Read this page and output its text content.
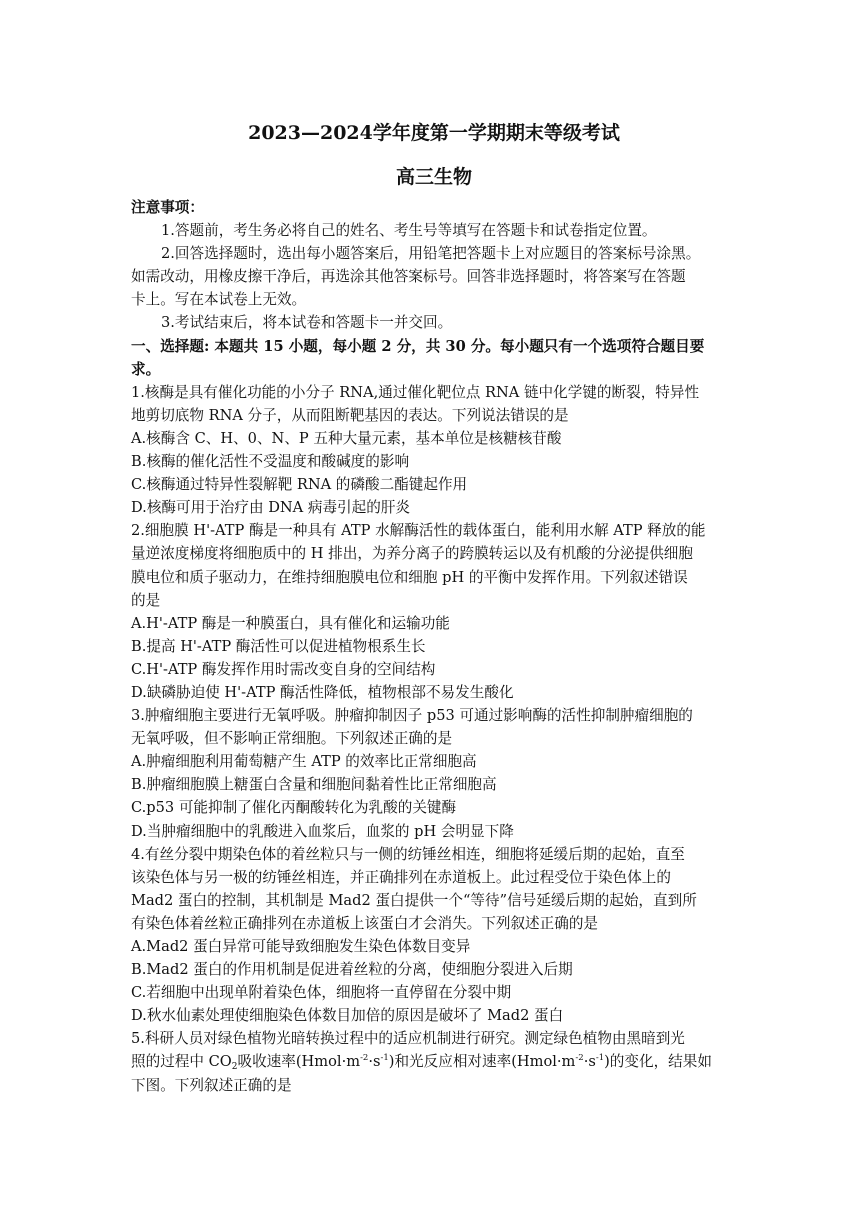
2023—2024学年度第一学期期末等级考试
高三生物
注意事项：
1.答题前，考生务必将自己的姓名、考生号等填写在答题卡和试卷指定位置。
2.回答选择题时，选出每小题答案后，用铅笔把答题卡上对应题目的答案标号涂黑。
如需改动，用橡皮擦干净后，再选涂其他答案标号。回答非选择题时，将答案写在答题
卡上。写在本试卷上无效。
3.考试结束后，将本试卷和答题卡一并交回。
一、选择题: 本题共 15 小题，每小题 2 分，共 30 分。每小题只有一个选项符合题目要
求。
1.核酶是具有催化功能的小分子 RNA,通过催化靶位点 RNA 链中化学键的断裂，特异性
地剪切底物 RNA 分子，从而阻断靶基因的表达。下列说法错误的是
A.核酶含 C、H、0、N、P 五种大量元素，基本单位是核糖核苷酸
B.核酶的催化活性不受温度和酸碱度的影响
C.核酶通过特异性裂解靶 RNA 的磷酸二酯键起作用
D.核酶可用于治疗由 DNA 病毒引起的肝炎
2.细胞膜 H'-ATP 酶是一种具有 ATP 水解酶活性的载体蛋白，能利用水解 ATP 释放的能
量逆浓度梯度将细胞质中的 H 排出，为养分离子的跨膜转运以及有机酸的分泌提供细胞
膜电位和质子驱动力，在维持细胞膜电位和细胞 pH 的平衡中发挥作用。下列叙述错误
的是
A.H'-ATP 酶是一种膜蛋白，具有催化和运输功能
B.提高 H'-ATP 酶活性可以促进植物根系生长
C.H'-ATP 酶发挥作用时需改变自身的空间结构
D.缺磷胁迫使 H'-ATP 酶活性降低，植物根部不易发生酸化
3.肿瘤细胞主要进行无氧呼吸。肿瘤抑制因子 p53 可通过影响酶的活性抑制肿瘤细胞的
无氧呼吸，但不影响正常细胞。下列叙述正确的是
A.肿瘤细胞利用葡萄糖产生 ATP 的效率比正常细胞高
B.肿瘤细胞膜上糖蛋白含量和细胞间黏着性比正常细胞高
C.p53 可能抑制了催化丙酮酸转化为乳酸的关键酶
D.当肿瘤细胞中的乳酸进入血浆后，血浆的 pH 会明显下降
4.有丝分裂中期染色体的着丝粒只与一侧的纺锤丝相连，细胞将延缓后期的起始，直至
该染色体与另一极的纺锤丝相连，并正确排列在赤道板上。此过程受位于染色体上的
Mad2 蛋白的控制，其机制是 Mad2 蛋白提供一个“等待”信号延缓后期的起始，直到所
有染色体着丝粒正确排列在赤道板上该蛋白才会消失。下列叙述正确的是
A.Mad2 蛋白异常可能导致细胞发生染色体数目变异
B.Mad2 蛋白的作用机制是促进着丝粒的分离，使细胞分裂进入后期
C.若细胞中出现单附着染色体，细胞将一直停留在分裂中期
D.秋水仙素处理使细胞染色体数目加倍的原因是破坏了 Mad2 蛋白
5.科研人员对绿色植物光暗转换过程中的适应机制进行研究。测定绿色植物由黑暗到光
照的过程中 $CO_2$吸收速率$(Hmol\cdot m^{-2}\cdot s^{-1})$和光反应相对速率$(Hmol\cdot m^{-2}\cdot s^{-1})$的变化，结果如
下图。下列叙述正确的是
